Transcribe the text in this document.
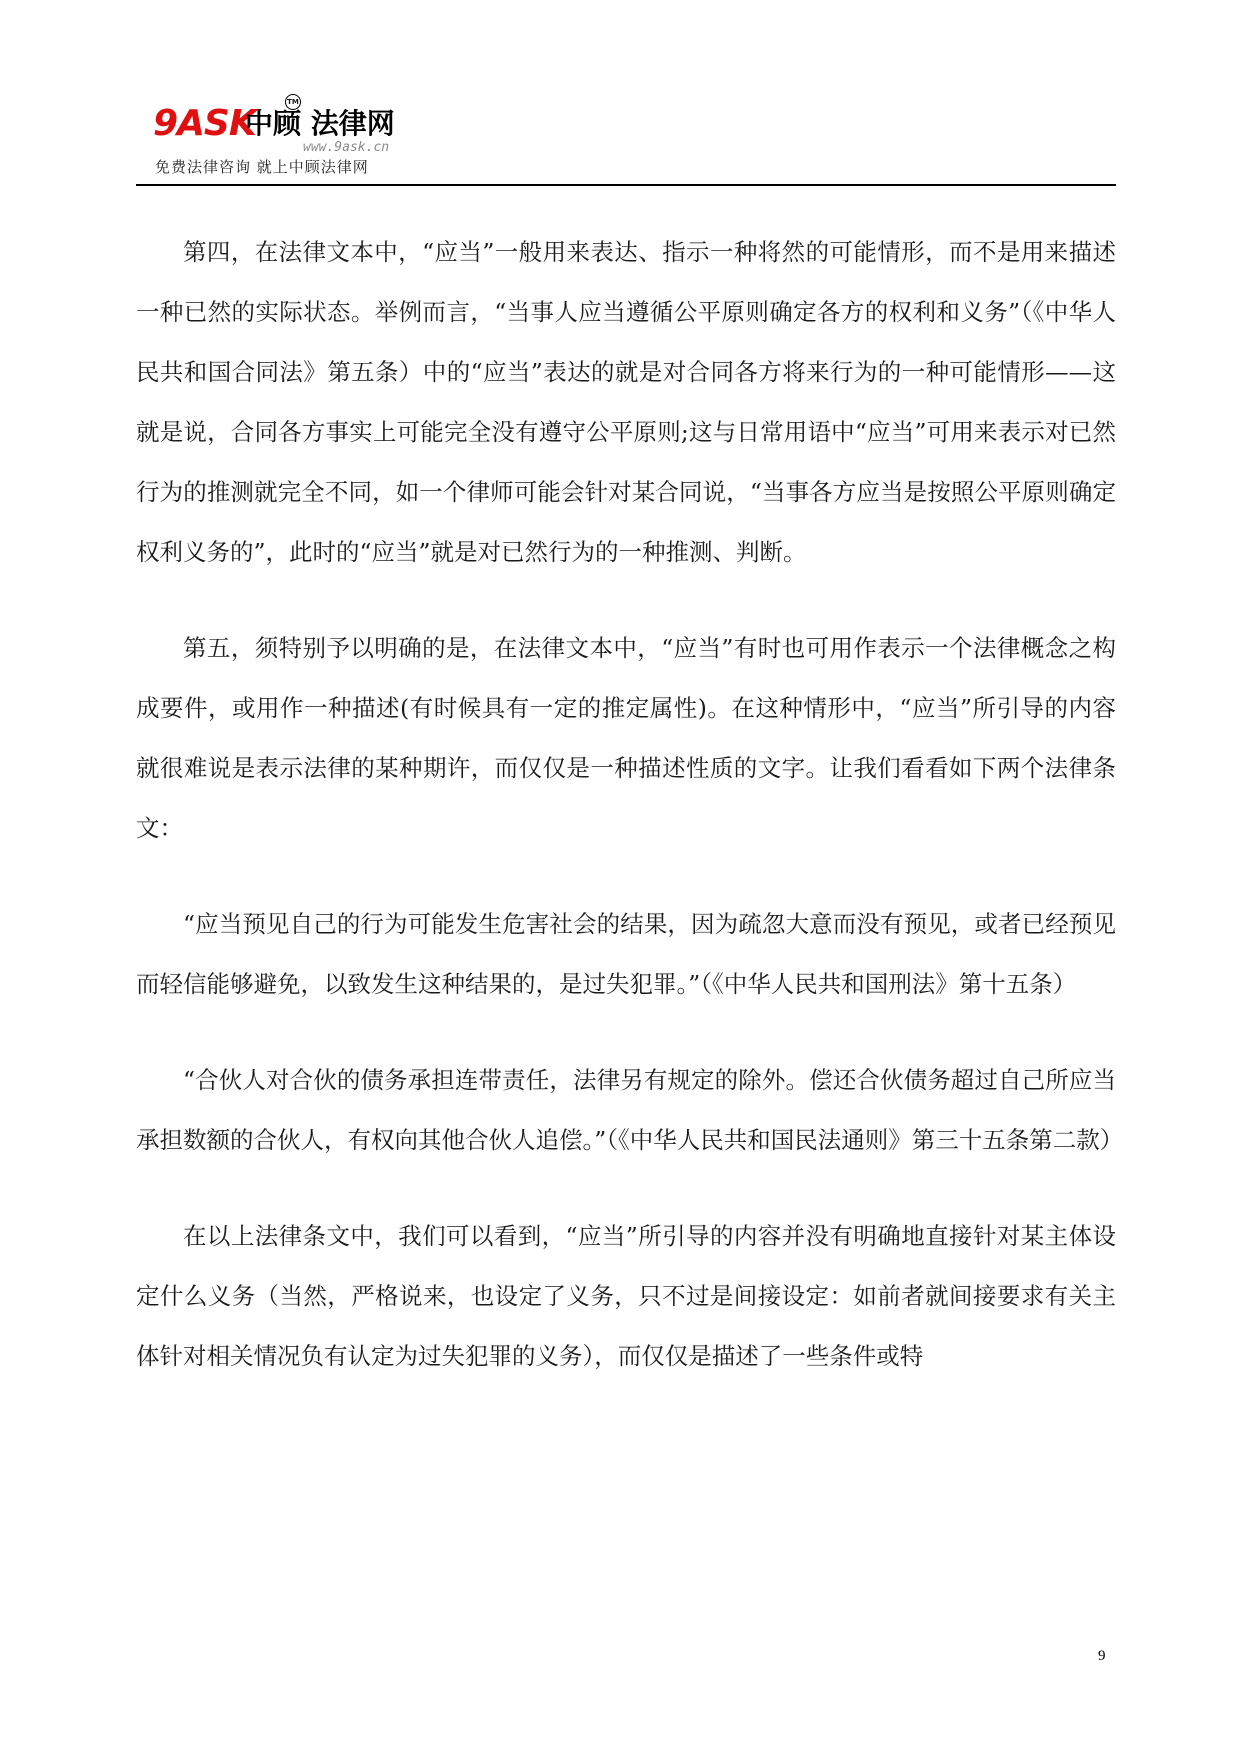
9ASK
TM
中顾 法律网
www.9ask.cn
免费法律咨询 就上中顾法律网

第四，在法律文本中，“应当”一般用来表达、指示一种将然的可能情形，而不是用来描述一种已然的实际状态。举例而言，“当事人应当遵循公平原则确定各方的权利和义务”（《中华人民共和国合同法》第五条）中的“应当”表达的就是对合同各方将来行为的一种可能情形——这就是说，合同各方事实上可能完全没有遵守公平原则;这与日常用语中“应当”可用来表示对已然行为的推测就完全不同，如一个律师可能会针对某合同说，“当事各方应当是按照公平原则确定权利义务的”，此时的“应当”就是对已然行为的一种推测、判断。

第五，须特别予以明确的是，在法律文本中，“应当”有时也可用作表示一个法律概念之构成要件，或用作一种描述(有时候具有一定的推定属性)。在这种情形中，“应当”所引导的内容就很难说是表示法律的某种期许，而仅仅是一种描述性质的文字。让我们看看如下两个法律条文：

“应当预见自己的行为可能发生危害社会的结果，因为疏忽大意而没有预见，或者已经预见而轻信能够避免，以致发生这种结果的，是过失犯罪。”（《中华人民共和国刑法》第十五条）

“合伙人对合伙的债务承担连带责任，法律另有规定的除外。偿还合伙债务超过自己所应当承担数额的合伙人，有权向其他合伙人追偿。”（《中华人民共和国民法通则》第三十五条第二款）

在以上法律条文中，我们可以看到，“应当”所引导的内容并没有明确地直接针对某主体设定什么义务（当然，严格说来，也设定了义务，只不过是间接设定：如前者就间接要求有关主体针对相关情况负有认定为过失犯罪的义务），而仅仅是描述了一些条件或特

9
